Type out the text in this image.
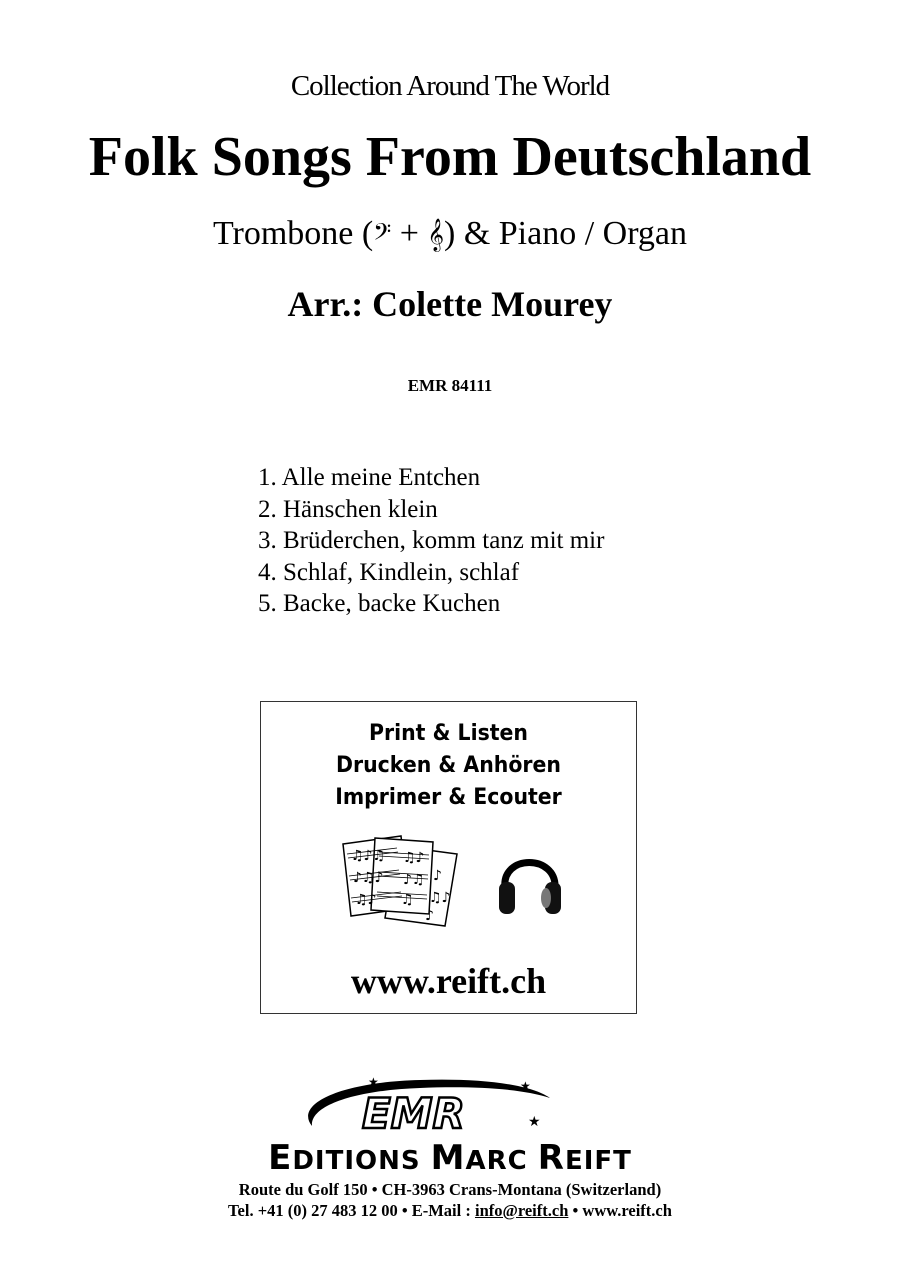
Collection Around The World
Folk Songs From Deutschland
Trombone (𝄢 + 𝄞) & Piano / Organ
Arr.: Colette Mourey
EMR 84111
1. Alle meine Entchen
2. Hänschen klein
3. Brüderchen, komm tanz mit mir
4. Schlaf, Kindlein, schlaf
5. Backe, backe Kuchen
Print & Listen
Drucken & Anhören
Imprimer & Ecouter
♫♪♫
♪♫♪
♫♪
♫♪
♪♫
♫
♪
♫♪
♪
www.reift.ch
EMR
★	★
★
EDITIONS MARC REIFT
Route du Golf 150 • CH-3963 Crans-Montana (Switzerland)
Tel. +41 (0) 27 483 12 00 • E-Mail : info@reift.ch • www.reift.ch
